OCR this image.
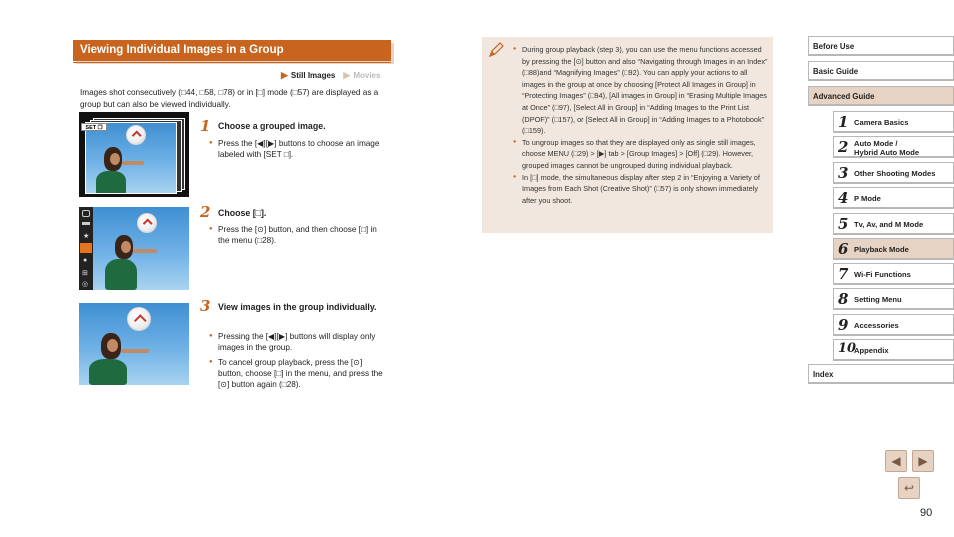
Viewing Individual Images in a Group
▶ Still Images ▶ Movies
Images shot consecutively (□44, □58, □78) or in [□] mode (□57) are displayed as a group but can also be viewed individually.
SET ❐	1 Choose a grouped image.
● Press the [◀][▶] buttons to choose an image labeled with [SET □].
★
●
⊞
◎
2 Choose [□].
● Press the [⊙] button, and then choose [□] in the menu (□28).
3 View images in the group individually.
● Pressing the [◀][▶] buttons will display only images in the group.
● To cancel group playback, press the [⊙] button, choose [□] in the menu, and press the [⊙] button again (□28).
● During group playback (step 3), you can use the menu functions accessed by pressing the [⊙] button and also “Navigating through Images in an Index” (□88)and “Magnifying Images” (□92). You can apply your actions to all images in the group at once by choosing [Protect All Images in Group] in “Protecting Images” (□94), [All images in Group] in “Erasing Multiple Images at Once” (□97), [Select All in Group] in “Adding Images to the Print List (DPOF)” (□157), or [Select All in Group] in “Adding Images to a Photobook” (□159).
● To ungroup images so that they are displayed only as single still images, choose MENU (□29) > [▶] tab > [Group Images] > [Off] (□29). However, grouped images cannot be ungrouped during individual playback.
● In [□] mode, the simultaneous display after step 2 in “Enjoying a Variety of Images from Each Shot (Creative Shot)” (□57) is only shown immediately after you shoot.
Before Use
Basic Guide
Advanced Guide
1 Camera Basics
2 Auto Mode /
Hybrid Auto Mode
3 Other Shooting Modes
4 P Mode
5 Tv, Av, and M Mode
6 Playback Mode
7 Wi-Fi Functions
8 Setting Menu
9 Accessories
10
Appendix
Index
◀	▶
↩
90
